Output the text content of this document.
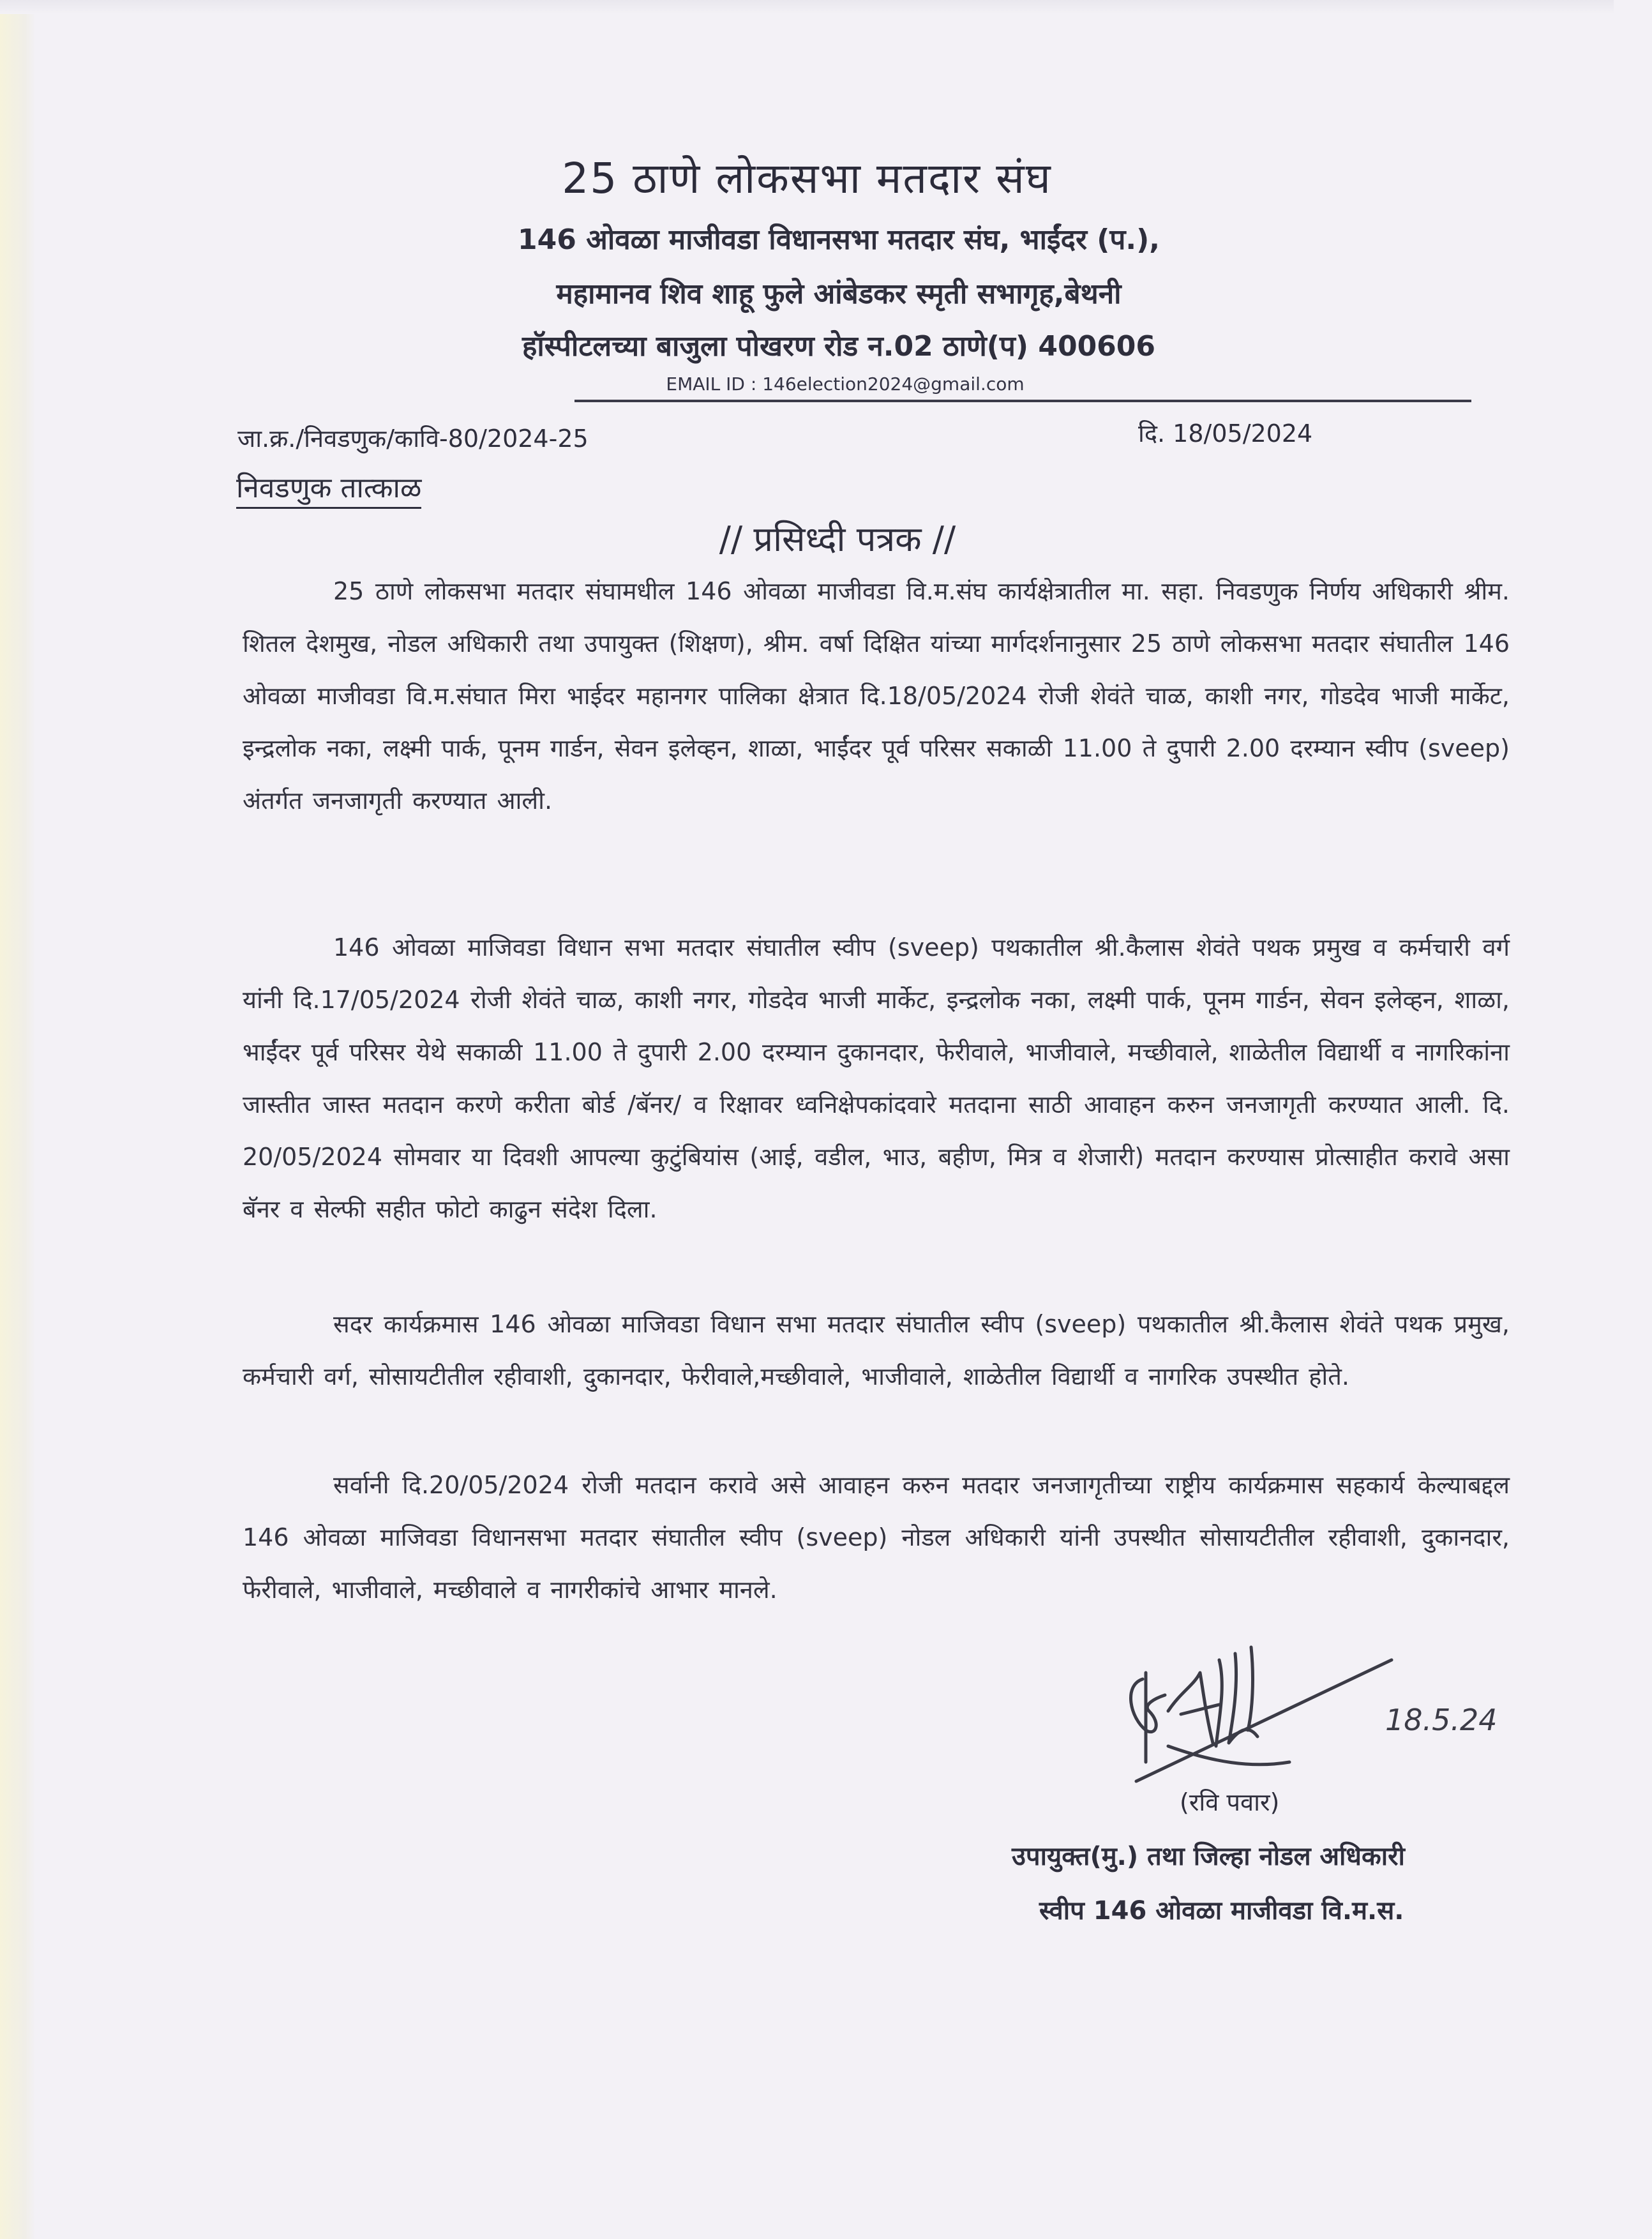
25 ठाणे लोकसभा मतदार संघ
146 ओवळा माजीवडा विधानसभा मतदार संघ, भाईंदर (प.),
महामानव शिव शाहू फुले आंबेडकर स्मृती सभागृह,बेथनी
हॉस्पीटलच्या बाजुला पोखरण रोड न.02 ठाणे(प) 400606
EMAIL ID : 146election2024@gmail.com
जा.क्र./निवडणुक/कावि-80/2024-25	दि. 18/05/2024
निवडणुक तात्काळ
// प्रसिध्दी पत्रक //

25 ठाणे लोकसभा मतदार संघामधील 146 ओवळा माजीवडा वि.म.संघ कार्यक्षेत्रातील मा. सहा. निवडणुक निर्णय अधिकारी श्रीम. शितल देशमुख, नोडल अधिकारी तथा उपायुक्त (शिक्षण), श्रीम. वर्षा दिक्षित यांच्या मार्गदर्शनानुसार 25 ठाणे लोकसभा मतदार संघातील 146 ओवळा माजीवडा वि.म.संघात मिरा भाईदर महानगर पालिका क्षेत्रात दि.18/05/2024 रोजी शेवंते चाळ, काशी नगर, गोडदेव भाजी मार्केट, इन्द्रलोक नका, लक्ष्मी पार्क, पूनम गार्डन, सेवन इलेव्हन, शाळा, भाईंदर पूर्व परिसर सकाळी 11.00 ते दुपारी 2.00 दरम्यान स्वीप (sveep) अंतर्गत जनजागृती करण्यात आली.

146 ओवळा माजिवडा विधान सभा मतदार संघातील स्वीप (sveep) पथकातील श्री.कैलास शेवंते पथक प्रमुख व कर्मचारी वर्ग यांनी दि.17/05/2024 रोजी शेवंते चाळ, काशी नगर, गोडदेव भाजी मार्केट, इन्द्रलोक नका, लक्ष्मी पार्क, पूनम गार्डन, सेवन इलेव्हन, शाळा, भाईंदर पूर्व परिसर येथे सकाळी 11.00 ते दुपारी 2.00 दरम्यान दुकानदार, फेरीवाले, भाजीवाले, मच्छीवाले, शाळेतील विद्यार्थी व नागरिकांना जास्तीत जास्त मतदान करणे करीता बोर्ड /बॅनर/ व रिक्षावर ध्वनिक्षेपकांदवारे मतदाना साठी आवाहन करुन जनजागृती करण्यात आली. दि. 20/05/2024 सोमवार या दिवशी आपल्या कुटुंबियांस (आई, वडील, भाउ, बहीण, मित्र व शेजारी) मतदान करण्यास प्रोत्साहीत करावे असा बॅनर व सेल्फी सहीत फोटो काढुन संदेश दिला.

सदर कार्यक्रमास 146 ओवळा माजिवडा विधान सभा मतदार संघातील स्वीप (sveep) पथकातील श्री.कैलास शेवंते पथक प्रमुख, कर्मचारी वर्ग, सोसायटीतील रहीवाशी, दुकानदार, फेरीवाले,मच्छीवाले, भाजीवाले, शाळेतील विद्यार्थी व नागरिक उपस्थीत होते.

सर्वानी दि.20/05/2024 रोजी मतदान करावे असे आवाहन करुन मतदार जनजागृतीच्या राष्ट्रीय कार्यक्रमास सहकार्य केल्याबद्दल 146 ओवळा माजिवडा विधानसभा मतदार संघातील स्वीप (sveep) नोडल अधिकारी यांनी उपस्थीत सोसायटीतील रहीवाशी, दुकानदार, फेरीवाले, भाजीवाले, मच्छीवाले व नागरीकांचे आभार मानले.

18.5.24
(रवि पवार)
उपायुक्त(मु.) तथा जिल्हा नोडल अधिकारी
स्वीप 146 ओवळा माजीवडा वि.म.स.
